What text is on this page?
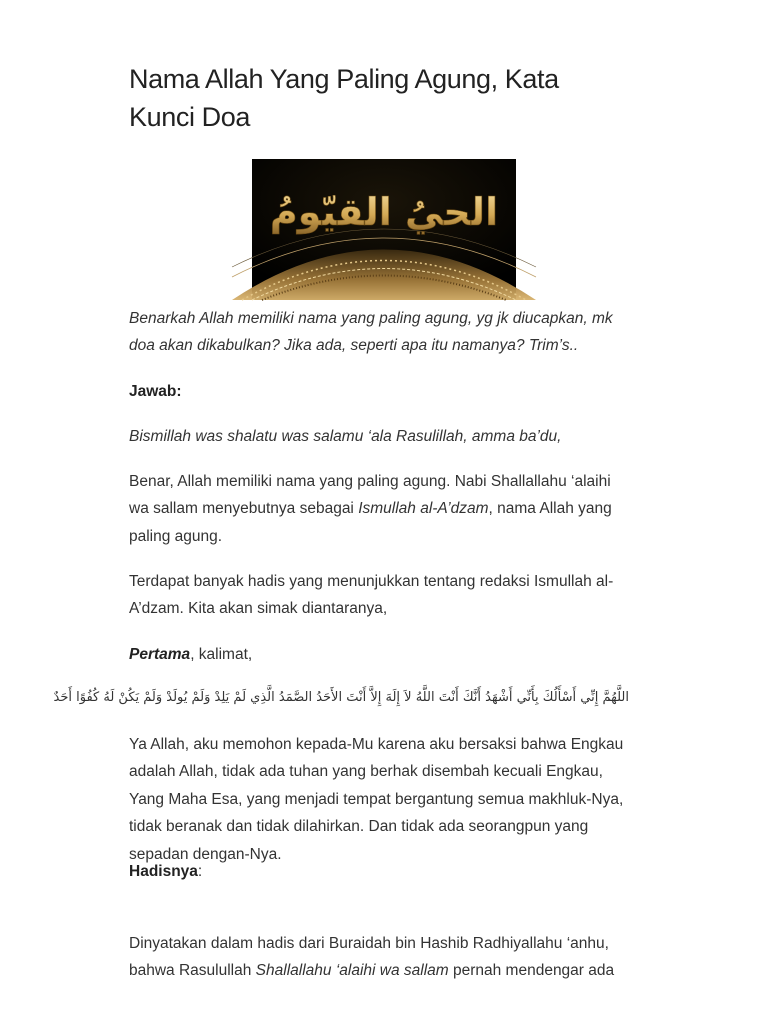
Nama Allah Yang Paling Agung, Kata Kunci Doa
الحيُ القيّومُ

Benarkah Allah memiliki nama yang paling agung, yg jk diucapkan, mk doa akan dikabulkan? Jika ada, seperti apa itu namanya? Trim’s..

Jawab:

Bismillah was shalatu was salamu ‘ala Rasulillah, amma ba’du,

Benar, Allah memiliki nama yang paling agung. Nabi Shallallahu ‘alaihi wa sallam menyebutnya sebagai Ismullah al-A’dzam, nama Allah yang paling agung.

Terdapat banyak hadis yang menunjukkan tentang redaksi Ismullah al-A’dzam. Kita akan simak diantaranya,

Pertama, kalimat,

اللَّهُمَّ إِنِّي أَسْأَلُكَ بِأَنِّي أَشْهَدُ أَنَّكَ أَنْتَ اللَّهُ لاَ إِلَهَ إِلاَّ أَنْتَ الأَحَدُ الصَّمَدُ الَّذِي لَمْ يَلِدْ وَلَمْ يُولَدْ وَلَمْ يَكُنْ لَهُ كُفُوًا أَحَدٌ

Ya Allah, aku memohon kepada-Mu karena aku bersaksi bahwa Engkau adalah Allah, tidak ada tuhan yang berhak disembah kecuali Engkau, Yang Maha Esa, yang menjadi tempat bergantung semua makhluk-Nya, tidak beranak dan tidak dilahirkan. Dan tidak ada seorangpun yang sepadan dengan-Nya.

Hadisnya:

Dinyatakan dalam hadis dari Buraidah bin Hashib Radhiyallahu ‘anhu, bahwa Rasulullah Shallallahu ‘alaihi wa sallam pernah mendengar ada
